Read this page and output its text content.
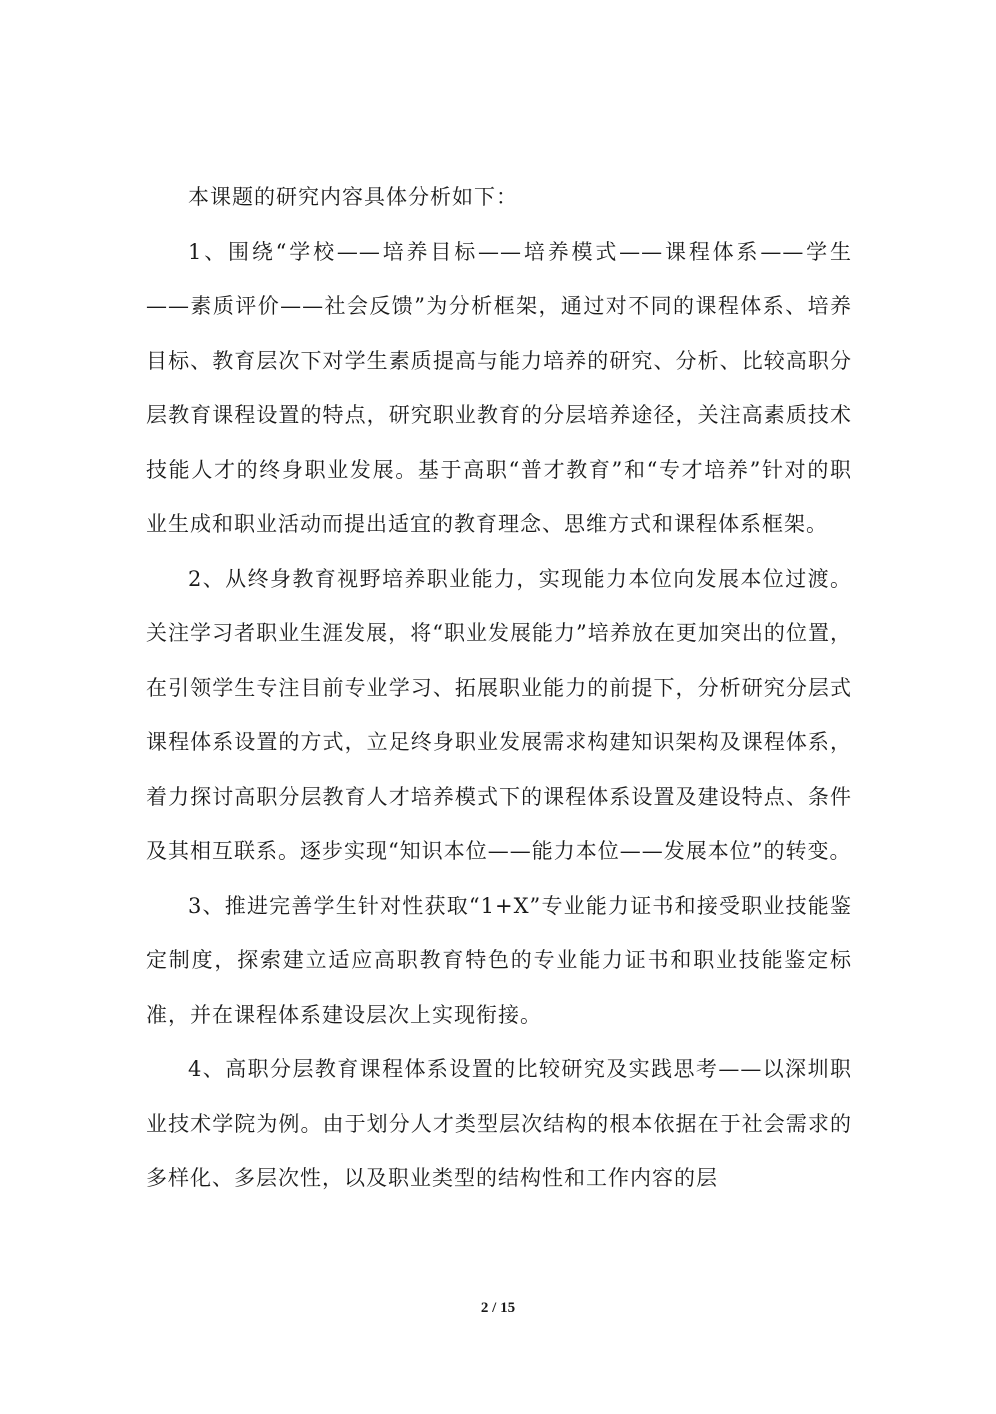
本课题的研究内容具体分析如下：

1、围绕“学校——培养目标——培养模式——课程体系——学生——素质评价——社会反馈”为分析框架，通过对不同的课程体系、培养目标、教育层次下对学生素质提高与能力培养的研究、分析、比较高职分层教育课程设置的特点，研究职业教育的分层培养途径，关注高素质技术技能人才的终身职业发展。基于高职“普才教育”和“专才培养”针对的职业生成和职业活动而提出适宜的教育理念、思维方式和课程体系框架。

2、从终身教育视野培养职业能力，实现能力本位向发展本位过渡。关注学习者职业生涯发展，将“职业发展能力”培养放在更加突出的位置，在引领学生专注目前专业学习、拓展职业能力的前提下，分析研究分层式课程体系设置的方式，立足终身职业发展需求构建知识架构及课程体系，着力探讨高职分层教育人才培养模式下的课程体系设置及建设特点、条件及其相互联系。逐步实现“知识本位——能力本位——发展本位”的转变。

3、推进完善学生针对性获取“1+X”专业能力证书和接受职业技能鉴定制度，探索建立适应高职教育特色的专业能力证书和职业技能鉴定标准，并在课程体系建设层次上实现衔接。

4、高职分层教育课程体系设置的比较研究及实践思考——以深圳职业技术学院为例。由于划分人才类型层次结构的根本依据在于社会需求的多样化、多层次性，以及职业类型的结构性和工作内容的层

2 / 15
